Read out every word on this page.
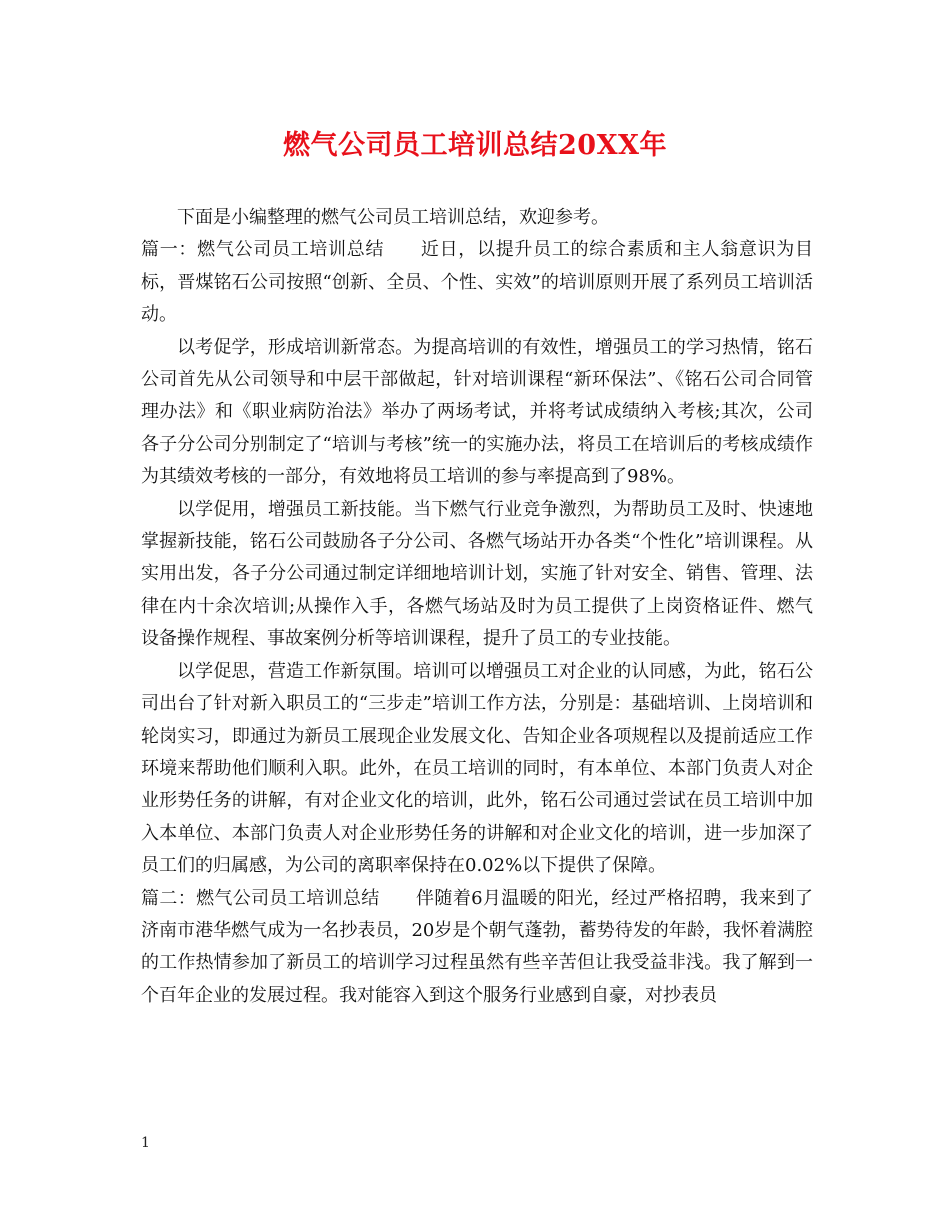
燃气公司员工培训总结20XX年

下面是小编整理的燃气公司员工培训总结，欢迎参考。

篇一：燃气公司员工培训总结 近日，以提升员工的综合素质和主人翁意识为目标，晋煤铭石公司按照“创新、全员、个性、实效”的培训原则开展了系列员工培训活动。

以考促学，形成培训新常态。为提高培训的有效性，增强员工的学习热情，铭石公司首先从公司领导和中层干部做起，针对培训课程“新环保法”、《铭石公司合同管理办法》和《职业病防治法》举办了两场考试，并将考试成绩纳入考核;其次，公司各子分公司分别制定了“培训与考核”统一的实施办法，将员工在培训后的考核成绩作为其绩效考核的一部分，有效地将员工培训的参与率提高到了98%。

以学促用，增强员工新技能。当下燃气行业竞争激烈，为帮助员工及时、快速地掌握新技能，铭石公司鼓励各子分公司、各燃气场站开办各类“个性化”培训课程。从实用出发，各子分公司通过制定详细地培训计划，实施了针对安全、销售、管理、法律在内十余次培训;从操作入手，各燃气场站及时为员工提供了上岗资格证件、燃气设备操作规程、事故案例分析等培训课程，提升了员工的专业技能。

以学促思，营造工作新氛围。培训可以增强员工对企业的认同感，为此，铭石公司出台了针对新入职员工的“三步走”培训工作方法，分别是：基础培训、上岗培训和轮岗实习，即通过为新员工展现企业发展文化、告知企业各项规程以及提前适应工作环境来帮助他们顺利入职。此外，在员工培训的同时，有本单位、本部门负责人对企业形势任务的讲解，有对企业文化的培训，此外，铭石公司通过尝试在员工培训中加入本单位、本部门负责人对企业形势任务的讲解和对企业文化的培训，进一步加深了员工们的归属感，为公司的离职率保持在0.02%以下提供了保障。

篇二：燃气公司员工培训总结 伴随着6月温暖的阳光，经过严格招聘，我来到了济南市港华燃气成为一名抄表员，20岁是个朝气蓬勃，蓄势待发的年龄，我怀着满腔的工作热情参加了新员工的培训学习过程虽然有些辛苦但让我受益非浅。我了解到一个百年企业的发展过程。我对能容入到这个服务行业感到自豪，对抄表员

1
